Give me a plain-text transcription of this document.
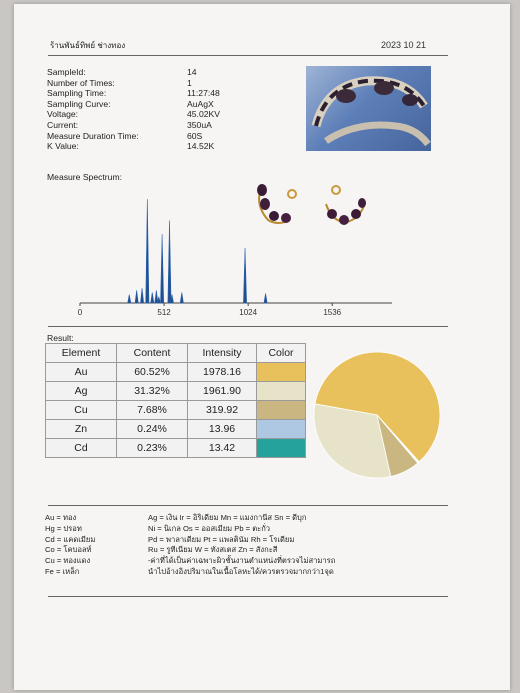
ร้านพันธ์ทิพย์ ช่างทอง	2023 10 21
SampleId:	14
Number of Times:	1
Sampling Time:	11:27:48
Sampling Curve:	AuAgX
Voltage:	45.02KV
Current:	350uA
Measure Duration Time:	60S
K Value:	14.52K
Measure Spectrum:
0	512	1024	1536
Result:
Element	Content	Intensity	Color
Au	60.52%	1978.16	
Ag	31.32%	1961.90	
Cu	7.68%	319.92	
Zn	0.24%	13.96	
Cd	0.23%	13.42	
Au = ทอง	Ag = เงิน Ir = อิริเดียม Mn = แมงกานีส Sn = ดีบุก
Hg = ปรอท	Ni = นิเกล Os = ออสเมียม Pb = ตะกั่ว
Cd = แคดเมียม	Pd = พาลาเดียม Pt = แพลตินัม Rh = โรเดียม
Co = โคบอลท์	Ru = รูทีเนียม W = ทังสเตส Zn = สังกะสี
Cu = ทองแดง	-ค่าที่ได้เป็นค่าเฉพาะผิวชั้นงานตำแหน่งที่ตรวจไม่สามารถ
Fe = เหล็ก	นำไปอ้างอิงปริมาณในเนื้อโลหะได้/ควรตรวจมากกว่า1จุด
